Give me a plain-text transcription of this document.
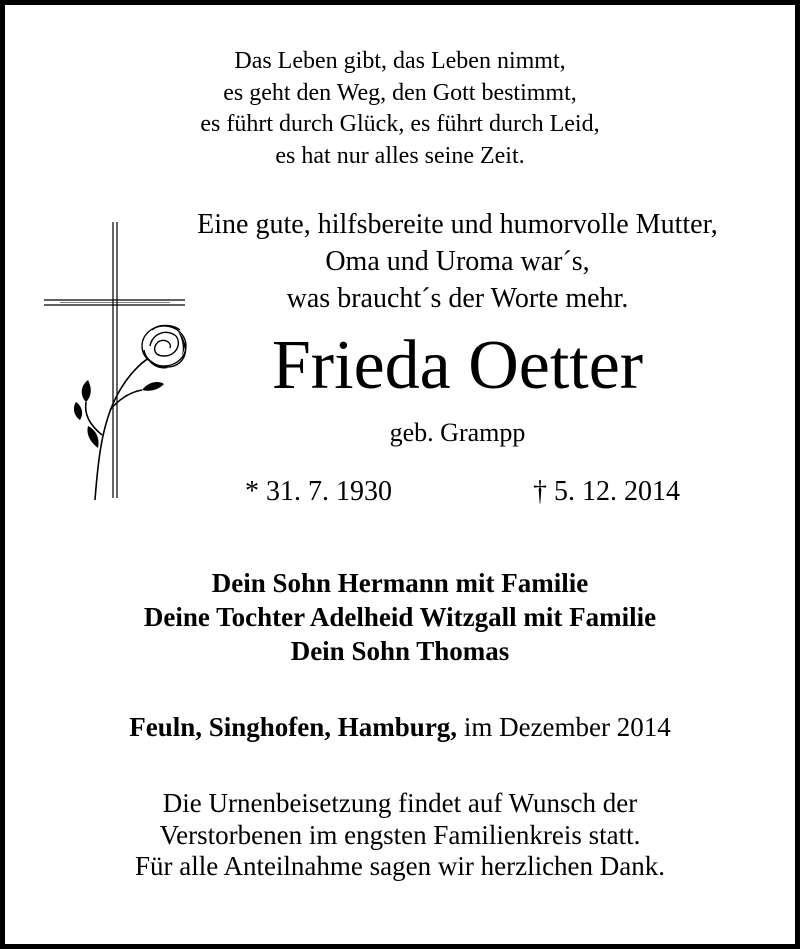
Das Leben gibt, das Leben nimmt,
es geht den Weg, den Gott bestimmt,
es führt durch Glück, es führt durch Leid,
es hat nur alles seine Zeit.
Eine gute, hilfsbereite und humorvolle Mutter,
Oma und Uroma war´s,
was braucht´s der Worte mehr.
Frieda Oetter
geb. Grampp
* 31. 7. 1930	† 5. 12. 2014
Dein Sohn Hermann mit Familie
Deine Tochter Adelheid Witzgall mit Familie
Dein Sohn Thomas
Feuln, Singhofen, Hamburg, im Dezember 2014
Die Urnenbeisetzung findet auf Wunsch der
Verstorbenen im engsten Familienkreis statt.
Für alle Anteilnahme sagen wir herzlichen Dank.
